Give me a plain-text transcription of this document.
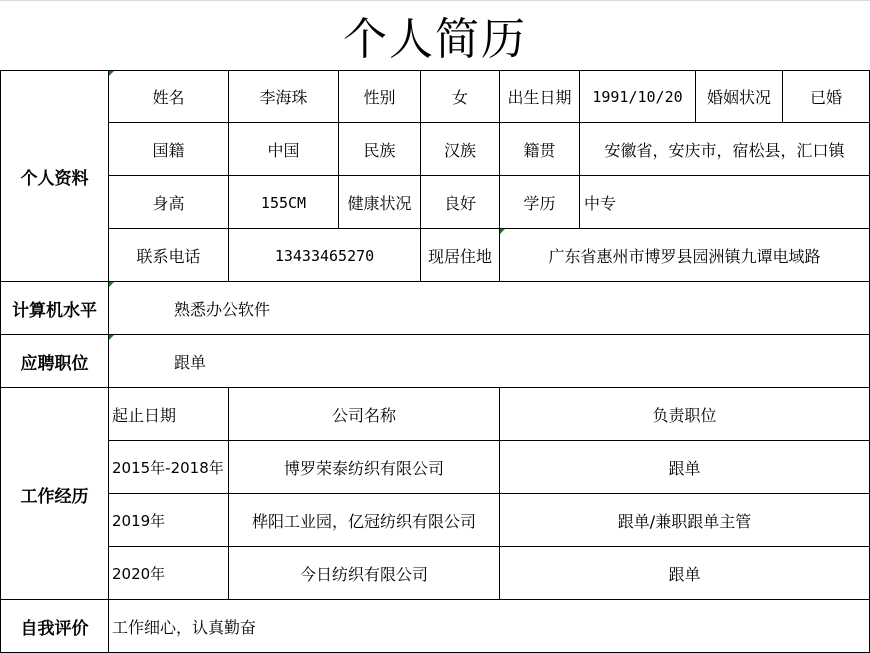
个人简历
个人资料
姓名	李海珠	性别	女	出生日期	1991/10/20	婚姻状况	已婚
国籍	中国	民族	汉族	籍贯	安徽省，安庆市，宿松县，汇口镇
身高	155CM	健康状况	良好	学历	中专
联系电话	13433465270	现居住地	广东省惠州市博罗县园洲镇九谭电域路
计算机水平	熟悉办公软件
应聘职位	跟单
工作经历
起止日期	公司名称	负责职位
2015年-2018年	博罗荣泰纺织有限公司	跟单
2019年	桦阳工业园，亿冠纺织有限公司	跟单/兼职跟单主管
2020年	今日纺织有限公司	跟单
自我评价	工作细心，认真勤奋
